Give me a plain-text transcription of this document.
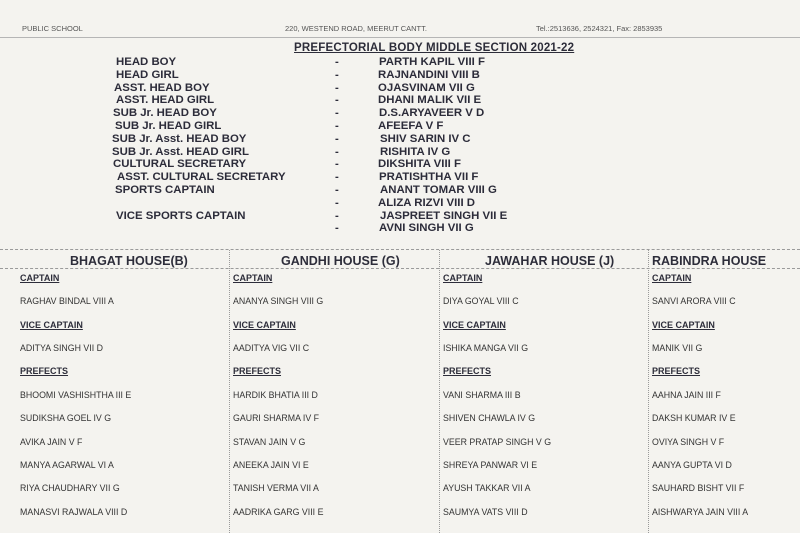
PUBLIC SCHOOL	220, WESTEND ROAD, MEERUT CANTT.	Tel.:2513636, 2524321, Fax: 2853935
PREFECTORIAL BODY MIDDLE SECTION 2021-22
HEAD BOY	-	PARTH KAPIL VIII F
HEAD GIRL	-	RAJNANDINI VIII B
ASST. HEAD BOY	-	OJASVINAM VII G
ASST. HEAD GIRL	-	DHANI MALIK VII E
SUB Jr. HEAD BOY	-	D.S.ARYAVEER V D
SUB Jr. HEAD GIRL	-	AFEEFA V F
SUB Jr. Asst. HEAD BOY	-	SHIV SARIN IV C
SUB Jr. Asst. HEAD GIRL	-	RISHITA IV G
CULTURAL SECRETARY	-	DIKSHITA VIII F
ASST. CULTURAL SECRETARY	-	PRATISHTHA VII F
SPORTS CAPTAIN	-	ANANT TOMAR VIII G
-	ALIZA RIZVI VIII D
VICE SPORTS CAPTAIN	-	JASPREET SINGH VII E
-	AVNI SINGH VII G
BHAGAT HOUSE(B)
CAPTAIN
RAGHAV BINDAL VIII A
VICE CAPTAIN
ADITYA SINGH VII D
PREFECTS
BHOOMI VASHISHTHA III E
SUDIKSHA GOEL IV G
AVIKA JAIN V F
MANYA AGARWAL VI A
RIYA CHAUDHARY VII G
MANASVI RAJWALA VIII D
GANDHI HOUSE (G)
CAPTAIN
ANANYA SINGH VIII G
VICE CAPTAIN
AADITYA VIG VII C
PREFECTS
HARDIK BHATIA III D
GAURI SHARMA IV F
STAVAN JAIN V G
ANEEKA JAIN VI E
TANISH VERMA VII A
AADRIKA GARG VIII E
JAWAHAR HOUSE (J)
CAPTAIN
DIYA GOYAL VIII C
VICE CAPTAIN
ISHIKA MANGA VII G
PREFECTS
VANI SHARMA III B
SHIVEN CHAWLA IV G
VEER PRATAP SINGH V G
SHREYA PANWAR VI E
AYUSH TAKKAR VII A
SAUMYA VATS VIII D
RABINDRA HOUSE
CAPTAIN
SANVI ARORA VIII C
VICE CAPTAIN
MANIK VII G
PREFECTS
AAHNA JAIN III F
DAKSH KUMAR IV E
OVIYA SINGH V F
AANYA GUPTA VI D
SAUHARD BISHT VII F
AISHWARYA JAIN VIII A
